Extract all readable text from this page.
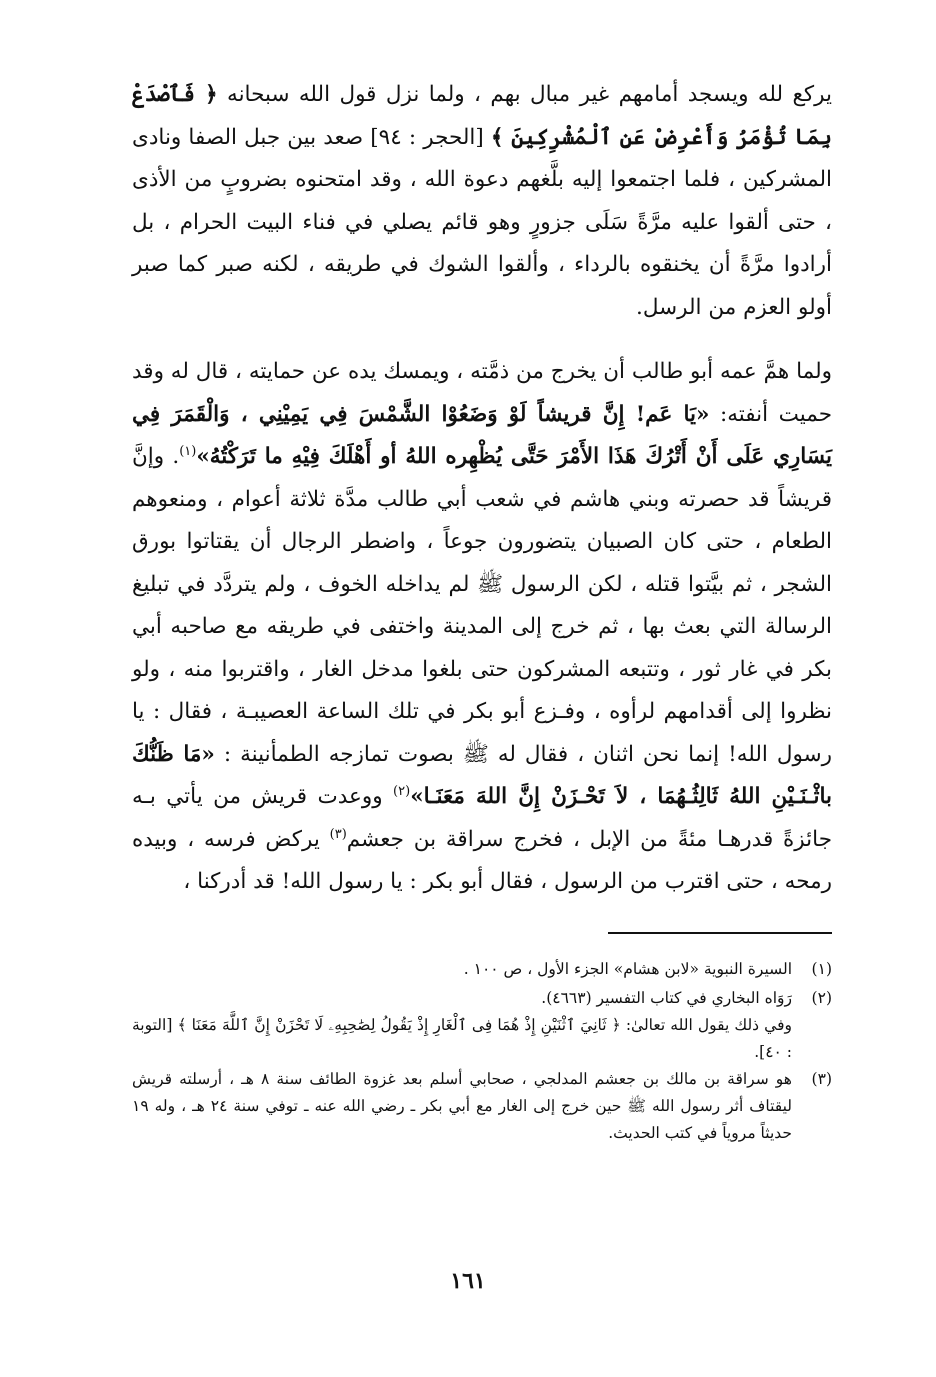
يركع لله ويسجد أمامهم غير مبال بهم ، ولما نزل قول الله سبحانه ﴿ فَٱصْدَعْ بِمَا تُؤْمَرُ وَأَعْرِضْ عَنِ ٱلْمُشْرِكِينَ ﴾ [الحجر : ٩٤] صعد بين جبل الصفا ونادى المشركين ، فلما اجتمعوا إليه بلَّغهم دعوة الله ، وقد امتحنوه بضروبٍ من الأذى ، حتى ألقوا عليه مرَّةً سَلَى جزورٍ وهو قائم يصلي في فناء البيت الحرام ، بل أرادوا مرَّةً أن يخنقوه بالرداء ، وألقوا الشوك في طريقه ، لكنه صبر كما صبر أولو العزم من الرسل.

ولما همَّ عمه أبو طالب أن يخرج من ذمَّته ، ويمسك يده عن حمايته ، قال له وقد حميت أنفته: «يَا عَم! إِنَّ قريشاً لَوْ وَضَعُوْا الشَّمْسَ فِي يَمِيْنِي ، وَالْقَمَرَ فِي يَسَارِي عَلَى أَنْ أَتْرُكَ هَذَا الأَمْرَ حَتَّى يُظْهِره اللهُ أو أَهْلَكَ فِيْهِ ما تَرَكْتُهُ»$^{(١)}$. وإنَّ قريشاً قد حصرته وبني هاشم في شعب أبي طالب مدَّة ثلاثة أعوام ، ومنعوهم الطعام ، حتى كان الصبيان يتضورون جوعاً ، واضطر الرجال أن يقتاتوا بورق الشجر ، ثم بيَّتوا قتله ، لكن الرسول ﷺ لم يداخله الخوف ، ولم يتردَّد في تبليغ الرسالة التي بعث بها ، ثم خرج إلى المدينة واختفى في طريقه مع صاحبه أبي بكر في غار ثور ، وتتبعه المشركون حتى بلغوا مدخل الغار ، واقتربوا منه ، ولو نظروا إلى أقدامهم لرأوه ، وفـزع أبو بكر في تلك الساعة العصيبـة ، فقال : يا رسول الله! إنما نحن اثنان ، فقال له ﷺ بصوت تمازجه الطمأنينة : «مَا ظَنُّكَ باثْـنَـيْنِ اللهُ ثَالِثُـهُمَا ، لاَ تَحْـزَنْ إِنَّ اللهَ مَعَنَـا»$^{(٢)}$ ووعدت قريش من يأتي بـه جائزةً قدرهـا مئةً من الإبل ، فخرج سراقة بن جعشم$^{(٣)}$ يركض فرسه ، وبيده رمحه ، حتى اقترب من الرسول ، فقال أبو بكر : يا رسول الله! قد أدركنا ،

(١)
السيرة النبوية «لابن هشام» الجزء الأول ، ص ١٠٠ .
(٢)
رَوَاه البخاري في كتاب التفسير (٤٦٦٣).
وفي ذلك يقول الله تعالىٰ: ﴿ ثَانِيَ ٱثْنَيْنِ إِذْ هُمَا فِى ٱلْغَارِ إِذْ يَقُولُ لِصَٰحِبِهِۦ لَا تَحْزَنْ إِنَّ ٱللَّهَ مَعَنَا ﴾ [التوبة : ٤٠].
(٣)
هو سراقة بن مالك بن جعشم المدلجي ، صحابي أسلم بعد غزوة الطائف سنة ٨ هـ ، أرسلته قريش ليقتاف أثر رسول الله ﷺ حين خرج إلى الغار مع أبي بكر ـ رضي الله عنه ـ توفي سنة ٢٤ هـ ، وله ١٩ حديثاً مروياً في كتب الحديث.
١٦١
